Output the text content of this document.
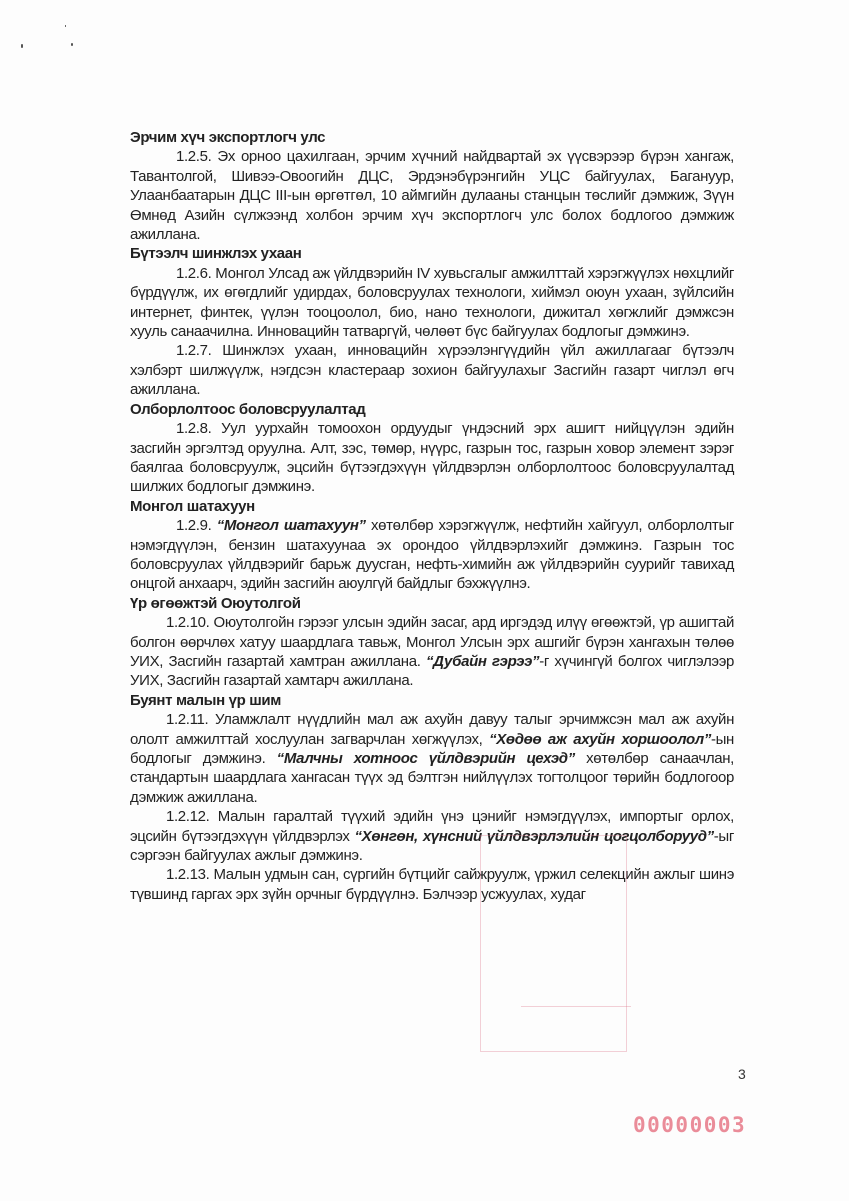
Эрчим хүч экспортлогч улс

1.2.5. Эх орноо цахилгаан, эрчим хүчний найдвартай эх үүсвэрээр бүрэн хангаж, Тавантолгой, Шивээ-Овоогийн ДЦС, Эрдэнэбүрэнгийн УЦС байгуулах, Багануур, Улаанбаатарын ДЦС III-ын өргөтгөл, 10 аймгийн дулааны станцын төслийг дэмжиж, Зүүн Өмнөд Азийн сүлжээнд холбон эрчим хүч экспортлогч улс болох бодлогоо дэмжиж ажиллана.

Бүтээлч шинжлэх ухаан

1.2.6. Монгол Улсад аж үйлдвэрийн IV хувьсгалыг амжилттай хэрэгжүүлэх нөхцлийг бүрдүүлж, их өгөгдлийг удирдах, боловсруулах технологи, хиймэл оюун ухаан, зүйлсийн интернет, финтек, үүлэн тооцоолол, био, нано технологи, дижитал хөгжлийг дэмжсэн хууль санаачилна. Инновацийн татваргүй, чөлөөт бүс байгуулах бодлогыг дэмжинэ.

1.2.7. Шинжлэх ухаан, инновацийн хүрээлэнгүүдийн үйл ажиллагааг бүтээлч хэлбэрт шилжүүлж, нэгдсэн кластераар зохион байгуулахыг Засгийн газарт чиглэл өгч ажиллана.

Олборлолтоос боловсруулалтад

1.2.8. Уул уурхайн томоохон ордуудыг үндэсний эрх ашигт нийцүүлэн эдийн засгийн эргэлтэд оруулна. Алт, зэс, төмөр, нүүрс, газрын тос, газрын ховор элемент зэрэг баялгаа боловсруулж, эцсийн бүтээгдэхүүн үйлдвэрлэн олборлолтоос боловсруулалтад шилжих бодлогыг дэмжинэ.

Монгол шатахуун

1.2.9. “Монгол шатахуун” хөтөлбөр хэрэгжүүлж, нефтийн хайгуул, олборлолтыг нэмэгдүүлэн, бензин шатахуунаа эх орондоо үйлдвэрлэхийг дэмжинэ. Газрын тос боловсруулах үйлдвэрийг барьж дуусган, нефть-химийн аж үйлдвэрийн суурийг тавихад онцгой анхаарч, эдийн засгийн аюулгүй байдлыг бэхжүүлнэ.

Үр өгөөжтэй Оюутолгой

1.2.10. Оюутолгойн гэрээг улсын эдийн засаг, ард иргэдэд илүү өгөөжтэй, үр ашигтай болгон өөрчлөх хатуу шаардлага тавьж, Монгол Улсын эрх ашгийг бүрэн хангахын төлөө УИХ, Засгийн газартай хамтран ажиллана. “Дубайн гэрээ”-г хүчингүй болгох чиглэлээр УИХ, Засгийн газартай хамтарч ажиллана.

Буянт малын үр шим

1.2.11. Уламжлалт нүүдлийн мал аж ахуйн давуу талыг эрчимжсэн мал аж ахуйн ололт амжилттай хослуулан загварчлан хөгжүүлэх, “Хөдөө аж ахуйн хоршоолол”-ын бодлогыг дэмжинэ. “Малчны хотноос үйлдвэрийн цехэд” хөтөлбөр санаачлан, стандартын шаардлага хангасан түүх эд бэлтгэн нийлүүлэх тогтолцоог төрийн бодлогоор дэмжиж ажиллана.

1.2.12. Малын гаралтай түүхий эдийн үнэ цэнийг нэмэгдүүлэх, импортыг орлох, эцсийн бүтээгдэхүүн үйлдвэрлэх “Хөнгөн, хүнсний үйлдвэрлэлийн цогцолборууд”-ыг сэргээн байгуулах ажлыг дэмжинэ.

1.2.13. Малын удмын сан, сүргийн бүтцийг сайжруулж, үржил селекцийн ажлыг шинэ түвшинд гаргах эрх зүйн орчныг бүрдүүлнэ. Бэлчээр усжуулах, худаг

3
00000003
